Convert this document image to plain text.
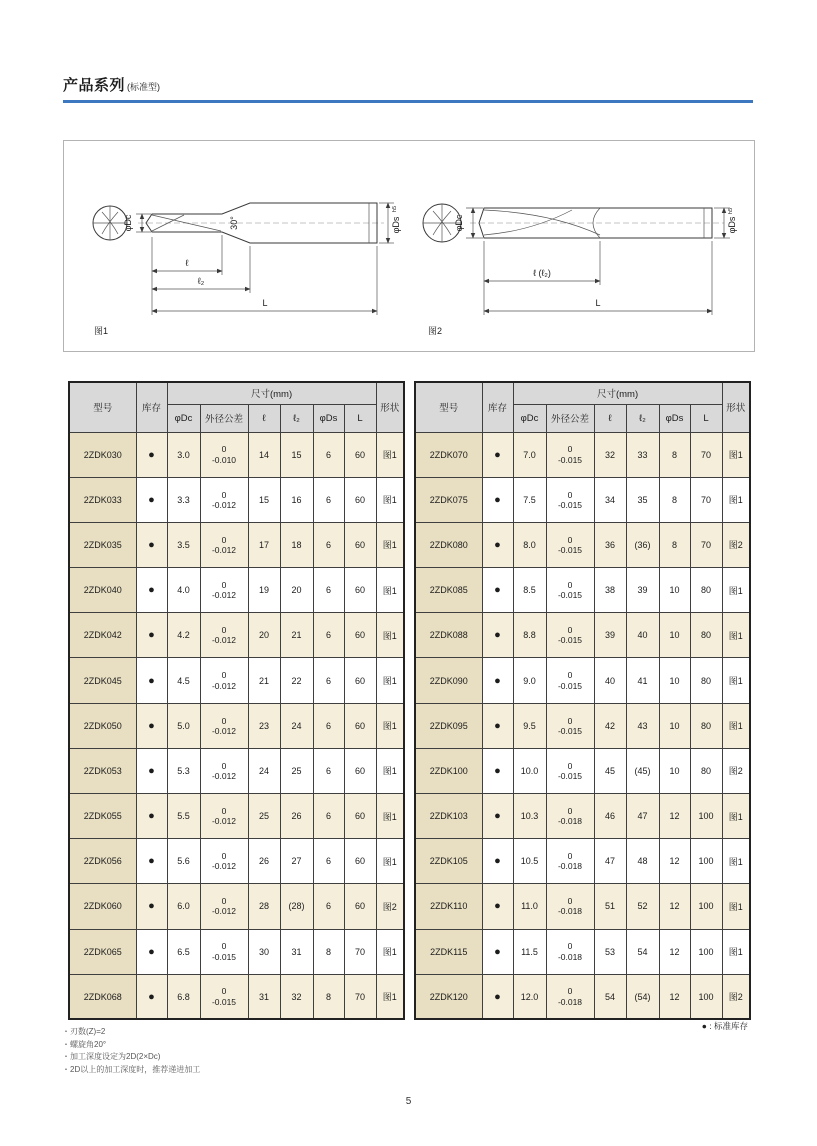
产品系列 (标准型)
φDc	30°	φDs
h5
ℓ
ℓ₂
L
图1
φDc	φDs
h5
ℓ (ℓ₂)
L
图2
型号	库存	尺寸(mm)						形状
		φDc	外径公差	ℓ	ℓ₂	φDs	L	
2ZDK030	●	3.0	0
-0.010	14	15	6	60	图1
2ZDK033	●	3.3	0
-0.012	15	16	6	60	图1
2ZDK035	●	3.5	0
-0.012	17	18	6	60	图1
2ZDK040	●	4.0	0
-0.012	19	20	6	60	图1
2ZDK042	●	4.2	0
-0.012	20	21	6	60	图1
2ZDK045	●	4.5	0
-0.012	21	22	6	60	图1
2ZDK050	●	5.0	0
-0.012	23	24	6	60	图1
2ZDK053	●	5.3	0
-0.012	24	25	6	60	图1
2ZDK055	●	5.5	0
-0.012	25	26	6	60	图1
2ZDK056	●	5.6	0
-0.012	26	27	6	60	图1
2ZDK060	●	6.0	0
-0.012	28	(28)	6	60	图2
2ZDK065	●	6.5	0
-0.015	30	31	8	70	图1
2ZDK068	●	6.8	0
-0.015	31	32	8	70	图1
型号	库存	尺寸(mm)						形状
		φDc	外径公差	ℓ	ℓ₂	φDs	L	
2ZDK070	●	7.0	0
-0.015	32	33	8	70	图1
2ZDK075	●	7.5	0
-0.015	34	35	8	70	图1
2ZDK080	●	8.0	0
-0.015	36	(36)	8	70	图2
2ZDK085	●	8.5	0
-0.015	38	39	10	80	图1
2ZDK088	●	8.8	0
-0.015	39	40	10	80	图1
2ZDK090	●	9.0	0
-0.015	40	41	10	80	图1
2ZDK095	●	9.5	0
-0.015	42	43	10	80	图1
2ZDK100	●	10.0	0
-0.015	45	(45)	10	80	图2
2ZDK103	●	10.3	0
-0.018	46	47	12	100	图1
2ZDK105	●	10.5	0
-0.018	47	48	12	100	图1
2ZDK110	●	11.0	0
-0.018	51	52	12	100	图1
2ZDK115	●	11.5	0
-0.018	53	54	12	100	图1
2ZDK120	●	12.0	0
-0.018	54	(54)	12	100	图2
● : 标准库存
・刃数(Z)=2
・螺旋角20°
・加工深度设定为2D(2×Dc)
・2D以上的加工深度时，推荐递进加工
5
